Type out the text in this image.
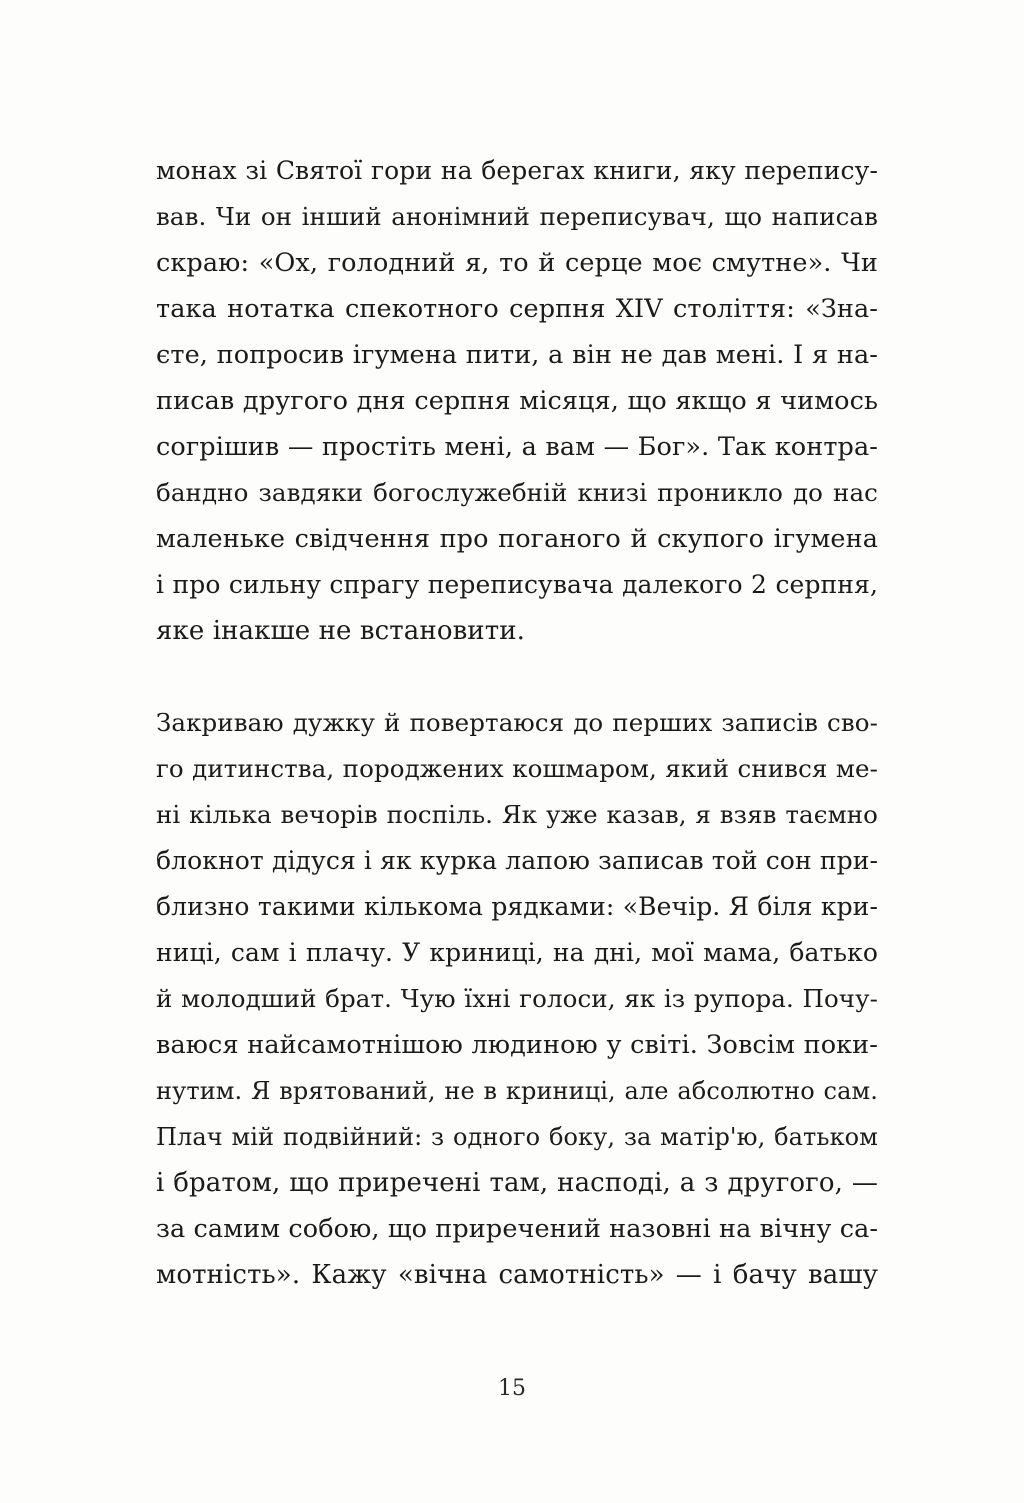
монах зі Святої гори на берегах книги, яку перепису-
вав. Чи он інший анонімний переписувач, що написав
скраю: «Ох, голодний я, то й серце моє смутне». Чи
така нотатка спекотного серпня XIV століття: «Зна-
єте, попросив ігумена пити, а він не дав мені. І я на-
писав другого дня серпня місяця, що якщо я чимось
согрішив — простіть мені, а вам — Бог». Так контра-
бандно завдяки богослужебній книзі проникло до нас
маленьке свідчення про поганого й скупого ігумена
і про сильну спрагу переписувача далекого 2 серпня,
яке інакше не встановити.
Закриваю дужку й повертаюся до перших записів сво-
го дитинства, породжених кошмаром, який снився ме-
ні кілька вечорів поспіль. Як уже казав, я взяв таємно
блокнот дідуся і як курка лапою записав той сон при-
близно такими кількома рядками: «Вечір. Я біля кри-
ниці, сам і плачу. У криниці, на дні, мої мама, батько
й молодший брат. Чую їхні голоси, як із рупора. Почу-
ваюся найсамотнішою людиною у світі. Зовсім поки-
нутим. Я врятований, не в криниці, але абсолютно сам.
Плач мій подвійний: з одного боку, за матір'ю, батьком
і братом, що приречені там, насподі, а з другого, —
за самим собою, що приречений назовні на вічну са-
мотність». Кажу «вічна самотність» — і бачу вашу
15
